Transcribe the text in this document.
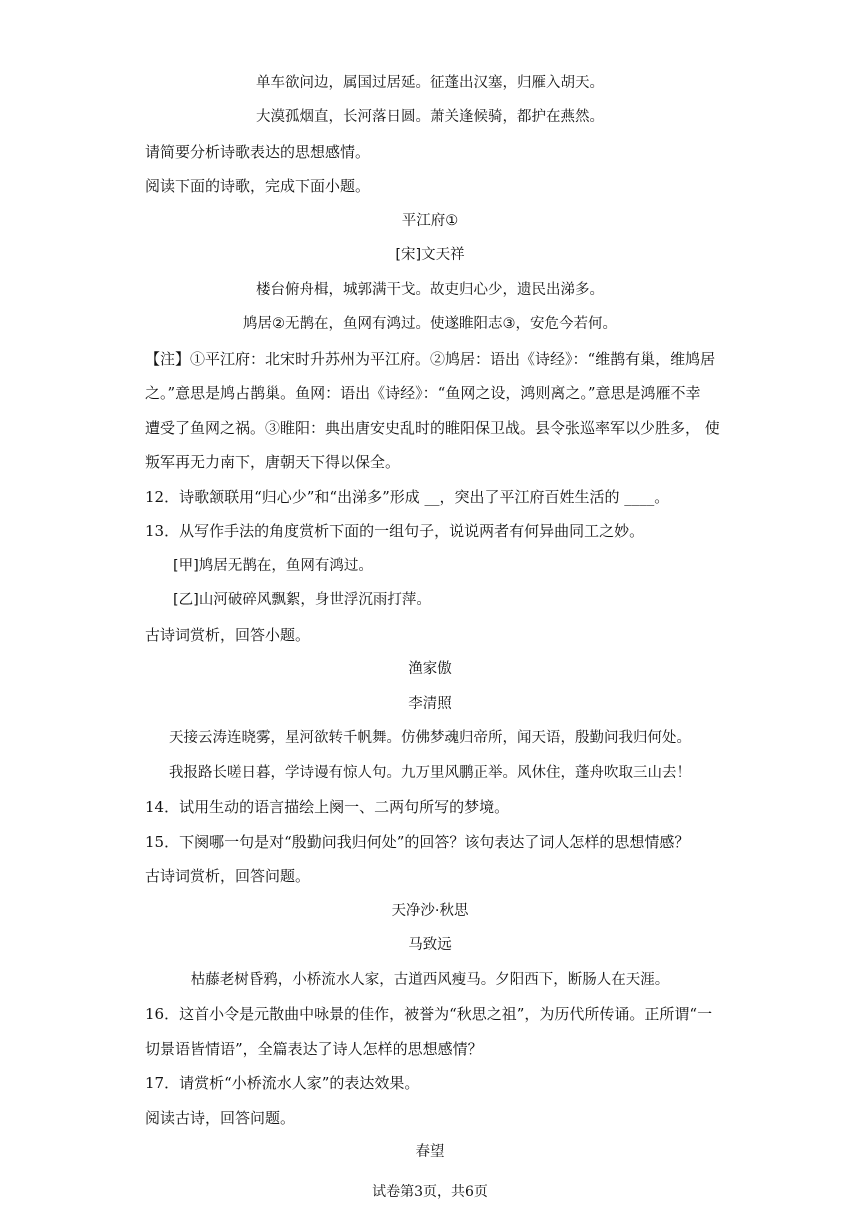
单车欲问边，属国过居延。征蓬出汉塞，归雁入胡天。
大漠孤烟直，长河落日圆。萧关逢候骑，都护在燕然。
请简要分析诗歌表达的思想感情。
阅读下面的诗歌，完成下面小题。
平江府①
[宋]文天祥
楼台俯舟楫，城郭满干戈。故吏归心少，遗民出涕多。
鸠居②无鹊在，鱼网有鸿过。使遂睢阳志③，安危今若何。
【注】①平江府：北宋时升苏州为平江府。②鸠居：语出《诗经》：“维鹊有巢，维鸠居
之。”意思是鸠占鹊巢。鱼网：语出《诗经》：“鱼网之设，鸿则离之。”意思是鸿雁不幸
遭受了鱼网之祸。③睢阳：典出唐安史乱时的睢阳保卫战。县令张巡率军以少胜多， 使
叛军再无力南下，唐朝天下得以保全。
12．诗歌颔联用“归心少”和“出涕多”形成 __，突出了平江府百姓生活的 ____。
13．从写作手法的角度赏析下面的一组句子，说说两者有何异曲同工之妙。
[甲]鸠居无鹊在，鱼网有鸿过。
[乙]山河破碎风飘絮，身世浮沉雨打萍。
古诗词赏析，回答小题。
渔家傲
李清照
天接云涛连晓雾，星河欲转千帆舞。仿佛梦魂归帝所，闻天语，殷勤问我归何处。
我报路长嗟日暮，学诗谩有惊人句。九万里风鹏正举。风休住，蓬舟吹取三山去！
14．试用生动的语言描绘上阕一、二两句所写的梦境。
15．下阕哪一句是对“殷勤问我归何处”的回答？该句表达了词人怎样的思想情感？
古诗词赏析，回答问题。
天净沙·秋思
马致远
枯藤老树昏鸦，小桥流水人家，古道西风瘦马。夕阳西下，断肠人在天涯。
16．这首小令是元散曲中咏景的佳作，被誉为“秋思之祖”，为历代所传诵。正所谓“一
切景语皆情语”，全篇表达了诗人怎样的思想感情？
17．请赏析“小桥流水人家”的表达效果。
阅读古诗，回答问题。
春望
试卷第3页，共6页
